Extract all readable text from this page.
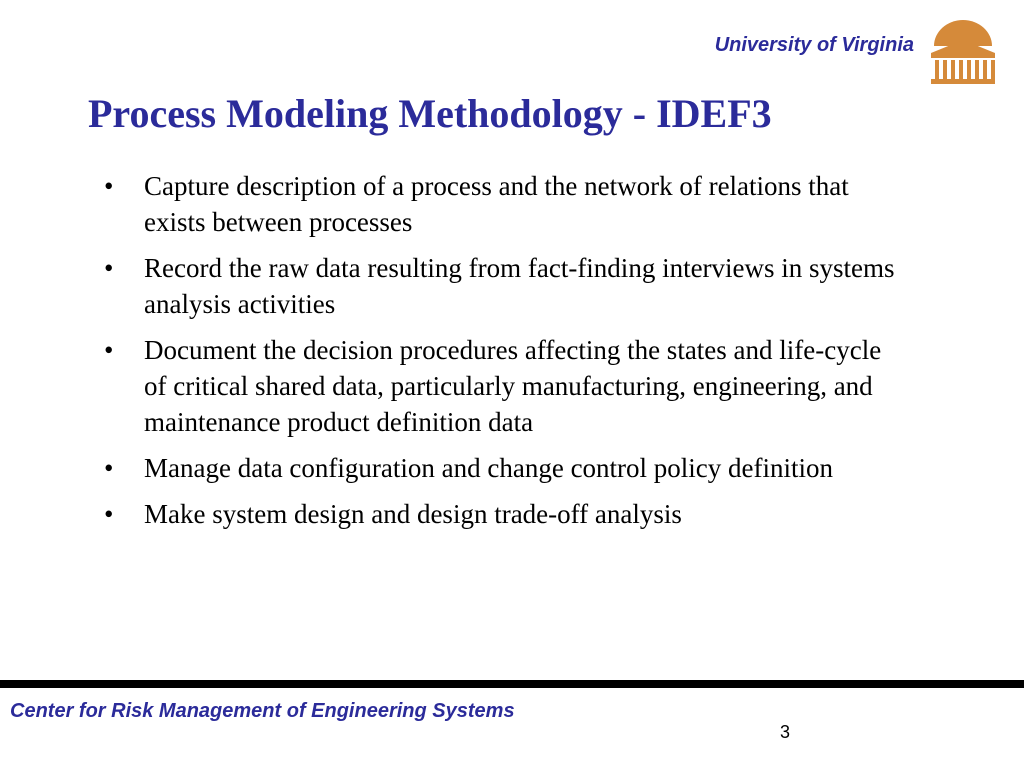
University of Virginia
Process Modeling Methodology - IDEF3
•	Capture description of a process and the network of relations that exists between processes
•	Record the raw data resulting from fact-finding interviews in systems analysis activities
•	Document the decision procedures affecting the states and life-cycle of critical shared data, particularly manufacturing, engineering, and maintenance product definition data
•	Manage data configuration and change control policy definition
•	Make system design and design trade-off analysis
Center for Risk Management of Engineering Systems
3
